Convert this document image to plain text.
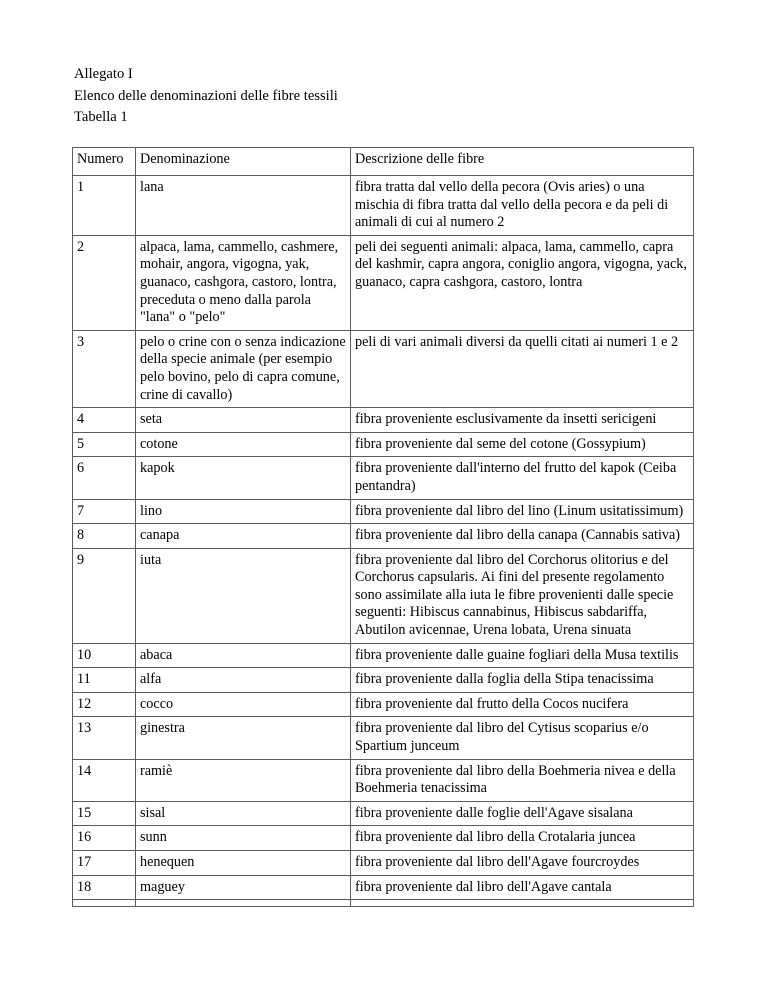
Allegato I
Elenco delle denominazioni delle fibre tessili
Tabella 1
Numero	Denominazione	Descrizione delle fibre
1	lana	fibra tratta dal vello della pecora (Ovis aries) o una mischia di fibra tratta dal vello della pecora e da peli di animali di cui al numero 2
2	alpaca, lama, cammello, cashmere, mohair, angora, vigogna, yak, guanaco, cashgora, castoro, lontra, preceduta o meno dalla parola "lana" o "pelo"	peli dei seguenti animali: alpaca, lama, cammello, capra del kashmir, capra angora, coniglio angora, vigogna, yack, guanaco, capra cashgora, castoro, lontra
3	pelo o crine con o senza indicazione della specie animale (per esempio pelo bovino, pelo di capra comune, crine di cavallo)	peli di vari animali diversi da quelli citati ai numeri 1 e 2
4	seta	fibra proveniente esclusivamente da insetti sericigeni
5	cotone	fibra proveniente dal seme del cotone (Gossypium)
6	kapok	fibra proveniente dall'interno del frutto del kapok (Ceiba pentandra)
7	lino	fibra proveniente dal libro del lino (Linum usitatissimum)
8	canapa	fibra proveniente dal libro della canapa (Cannabis sativa)
9	iuta	fibra proveniente dal libro del Corchorus olitorius e del Corchorus capsularis. Ai fini del presente regolamento sono assimilate alla iuta le fibre provenienti dalle specie seguenti: Hibiscus cannabinus, Hibiscus sabdariffa, Abutilon avicennae, Urena lobata, Urena sinuata
10	abaca	fibra proveniente dalle guaine fogliari della Musa textilis
11	alfa	fibra proveniente dalla foglia della Stipa tenacissima
12	cocco	fibra proveniente dal frutto della Cocos nucifera
13	ginestra	fibra proveniente dal libro del Cytisus scoparius e/o Spartium junceum
14	ramiè	fibra proveniente dal libro della Boehmeria nivea e della Boehmeria tenacissima
15	sisal	fibra proveniente dalle foglie dell'Agave sisalana
16	sunn	fibra proveniente dal libro della Crotalaria juncea
17	henequen	fibra proveniente dal libro dell'Agave fourcroydes
18	maguey	fibra proveniente dal libro dell'Agave cantala
